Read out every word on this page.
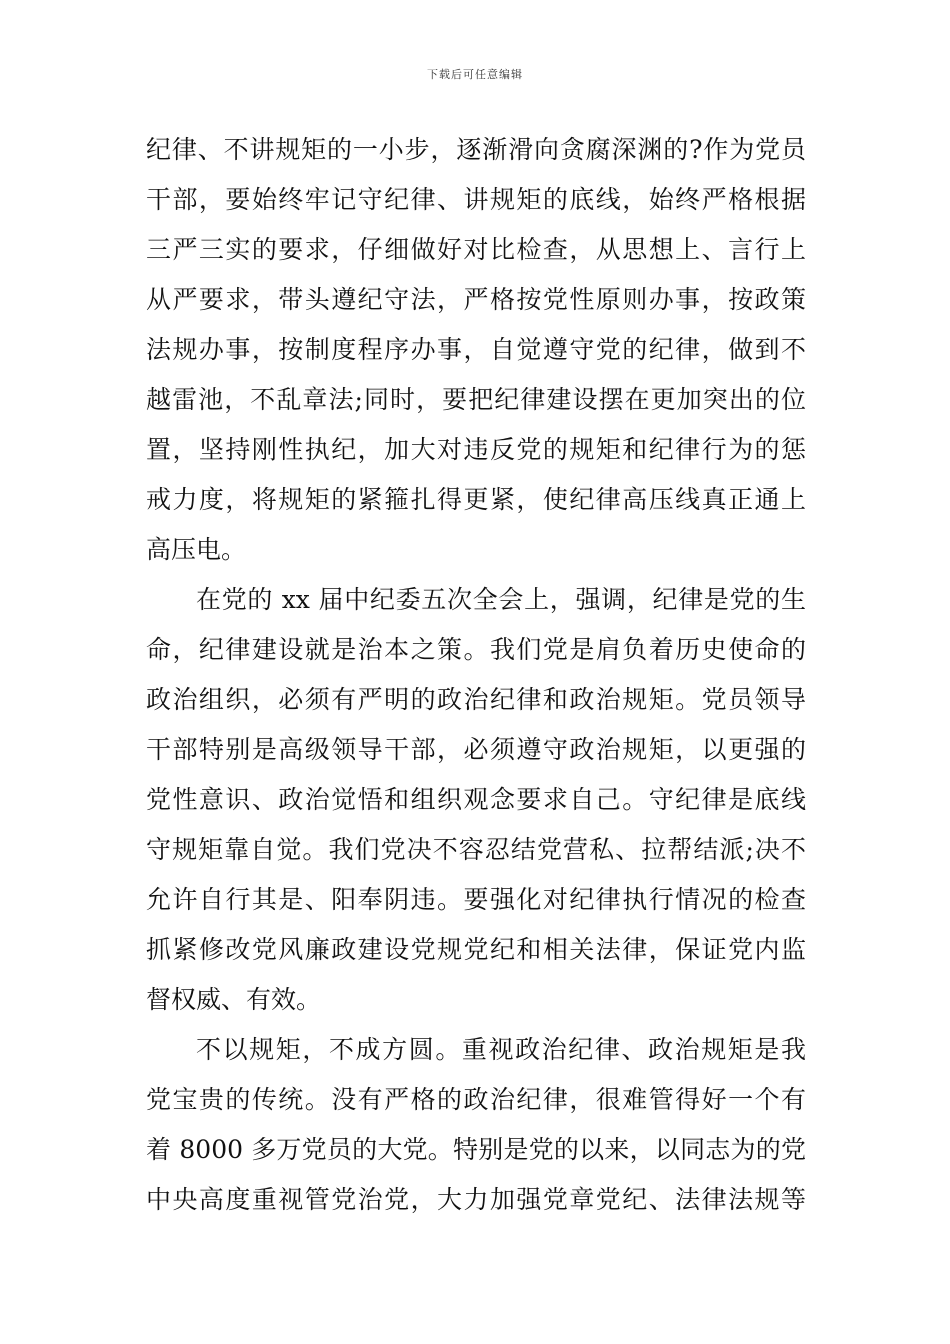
下载后可任意编辑
纪律、不讲规矩的一小步，逐渐滑向贪腐深渊的?作为党员
干部，要始终牢记守纪律、讲规矩的底线，始终严格根据
三严三实的要求，仔细做好对比检查，从思想上、言行上
从严要求，带头遵纪守法，严格按党性原则办事，按政策
法规办事，按制度程序办事，自觉遵守党的纪律，做到不
越雷池，不乱章法;同时，要把纪律建设摆在更加突出的位
置，坚持刚性执纪，加大对违反党的规矩和纪律行为的惩
戒力度，将规矩的紧箍扎得更紧，使纪律高压线真正通上
高压电。
在党的 xx 届中纪委五次全会上，强调，纪律是党的生
命，纪律建设就是治本之策。我们党是肩负着历史使命的
政治组织，必须有严明的政治纪律和政治规矩。党员领导
干部特别是高级领导干部，必须遵守政治规矩，以更强的
党性意识、政治觉悟和组织观念要求自己。守纪律是底线
守规矩靠自觉。我们党决不容忍结党营私、拉帮结派;决不
允许自行其是、阳奉阴违。要强化对纪律执行情况的检查
抓紧修改党风廉政建设党规党纪和相关法律，保证党内监
督权威、有效。
不以规矩，不成方圆。重视政治纪律、政治规矩是我
党宝贵的传统。没有严格的政治纪律，很难管得好一个有
着 8000 多万党员的大党。特别是党的以来，以同志为的党
中央高度重视管党治党，大力加强党章党纪、法律法规等
